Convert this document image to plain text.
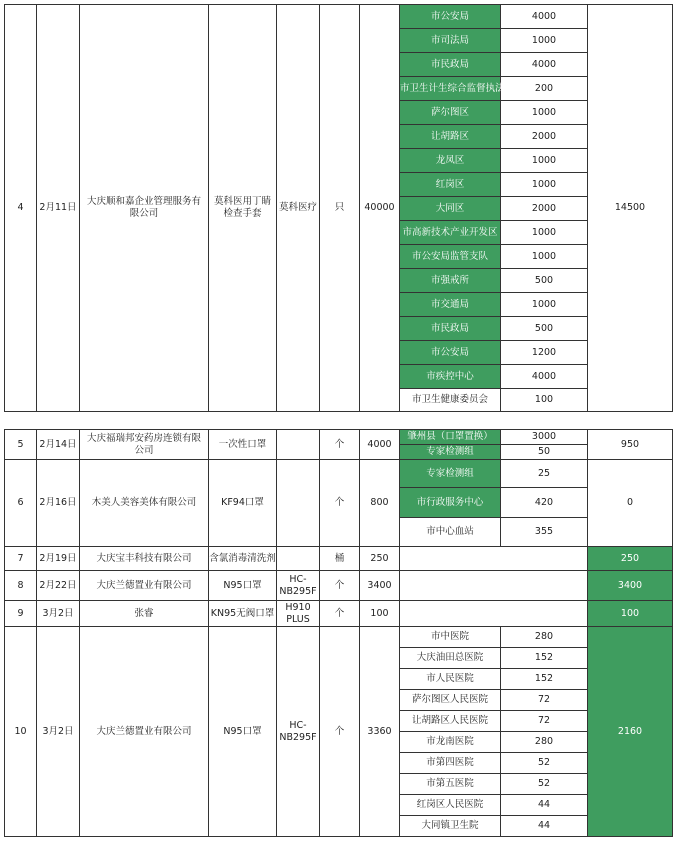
4	2月11日	大庆顺和嘉企业管理服务有限公司	莫科医用丁睛检查手套	莫科医疗	只	40000	市公安局	4000	14500
							市司法局	1000	
							市民政局	4000	
							市卫生计生综合监督执法局	200	
							萨尔图区	1000	
							让胡路区	2000	
							龙凤区	1000	
							红岗区	1000	
							大同区	2000	
							市高新技术产业开发区	1000	
							市公安局监管支队	1000	
							市强戒所	500	
							市交通局	1000	
							市民政局	500	
							市公安局	1200	
							市疾控中心	4000	
							市卫生健康委员会	100	
5	2月14日	大庆福瑞邦安药房连锁有限公司	一次性口罩		个	4000	肇州县（口罩置换）	3000	950
							专家检测组	50	
6	2月16日	木美人美容美体有限公司	KF94口罩		个	800	专家检测组	25	0
							市行政服务中心	420	
							市中心血站	355	
7	2月19日	大庆宝丰科技有限公司	含氯消毒清洗剂		桶	250			250
8	2月22日	大庆兰德置业有限公司	N95口罩	HC-NB295F	个	3400			3400
9	3月2日	张睿	KN95无阀口罩	H910 PLUS	个	100			100
10	3月2日	大庆兰德置业有限公司	N95口罩	HC-NB295F	个	3360	市中医院	280	2160
							大庆油田总医院	152	
							市人民医院	152	
							萨尔图区人民医院	72	
							让胡路区人民医院	72	
							市龙南医院	280	
							市第四医院	52	
							市第五医院	52	
							红岗区人民医院	44	
							大同镇卫生院	44	
